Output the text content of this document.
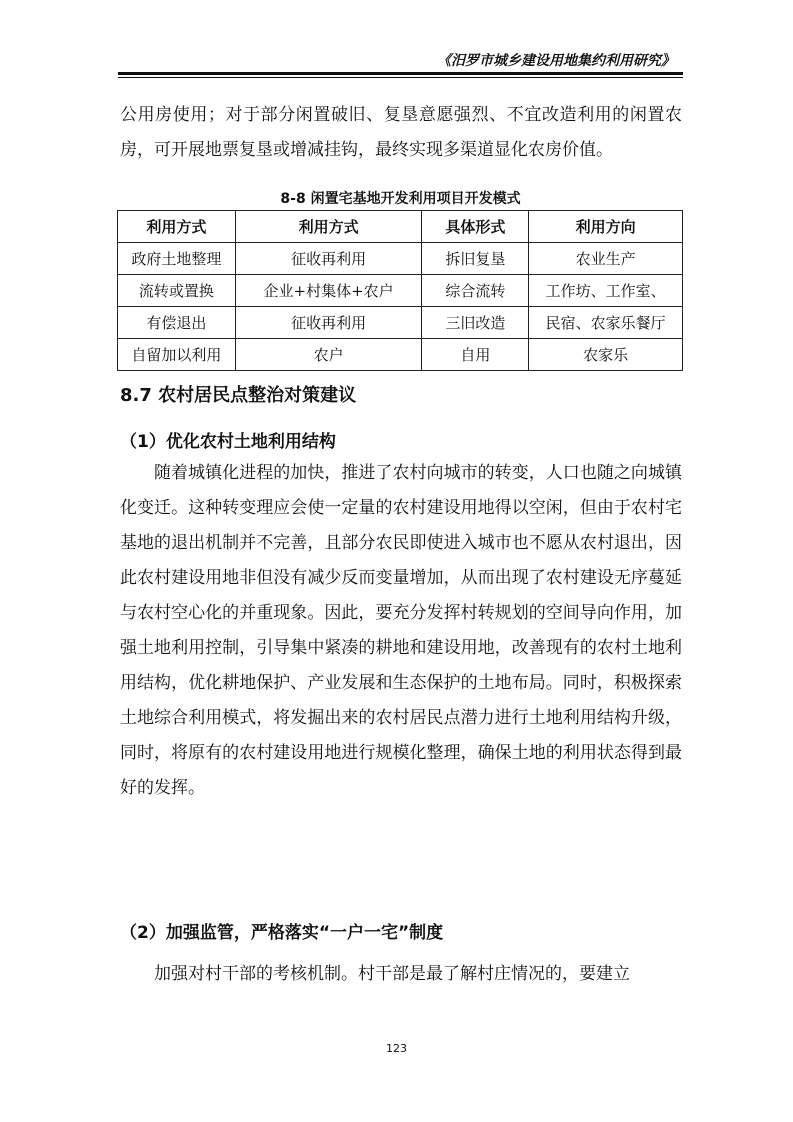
《汨罗市城乡建设用地集约利用研究》

公用房使用；对于部分闲置破旧、复垦意愿强烈、不宜改造利用的闲置农房，可开展地票复垦或增减挂钩，最终实现多渠道显化农房价值。

8-8 闲置宅基地开发利用项目开发模式
利用方式	利用方式	具体形式	利用方向
政府土地整理	征收再利用	拆旧复垦	农业生产
流转或置换	企业+村集体+农户	综合流转	工作坊、工作室、
有偿退出	征收再利用	三旧改造	民宿、农家乐餐厅
自留加以利用	农户	自用	农家乐
8.7 农村居民点整治对策建议
（1）优化农村土地利用结构

随着城镇化进程的加快，推进了农村向城市的转变，人口也随之向城镇化变迁。这种转变理应会使一定量的农村建设用地得以空闲，但由于农村宅基地的退出机制并不完善，且部分农民即使进入城市也不愿从农村退出，因此农村建设用地非但没有减少反而变量增加，从而出现了农村建设无序蔓延与农村空心化的并重现象。因此，要充分发挥村转规划的空间导向作用，加强土地利用控制，引导集中紧凑的耕地和建设用地，改善现有的农村土地利用结构，优化耕地保护、产业发展和生态保护的土地布局。同时，积极探索土地综合利用模式，将发掘出来的农村居民点潜力进行土地利用结构升级，同时，将原有的农村建设用地进行规模化整理，确保土地的利用状态得到最好的发挥。

（2）加强监管，严格落实“一户一宅”制度

加强对村干部的考核机制。村干部是最了解村庄情况的，要建立

123
